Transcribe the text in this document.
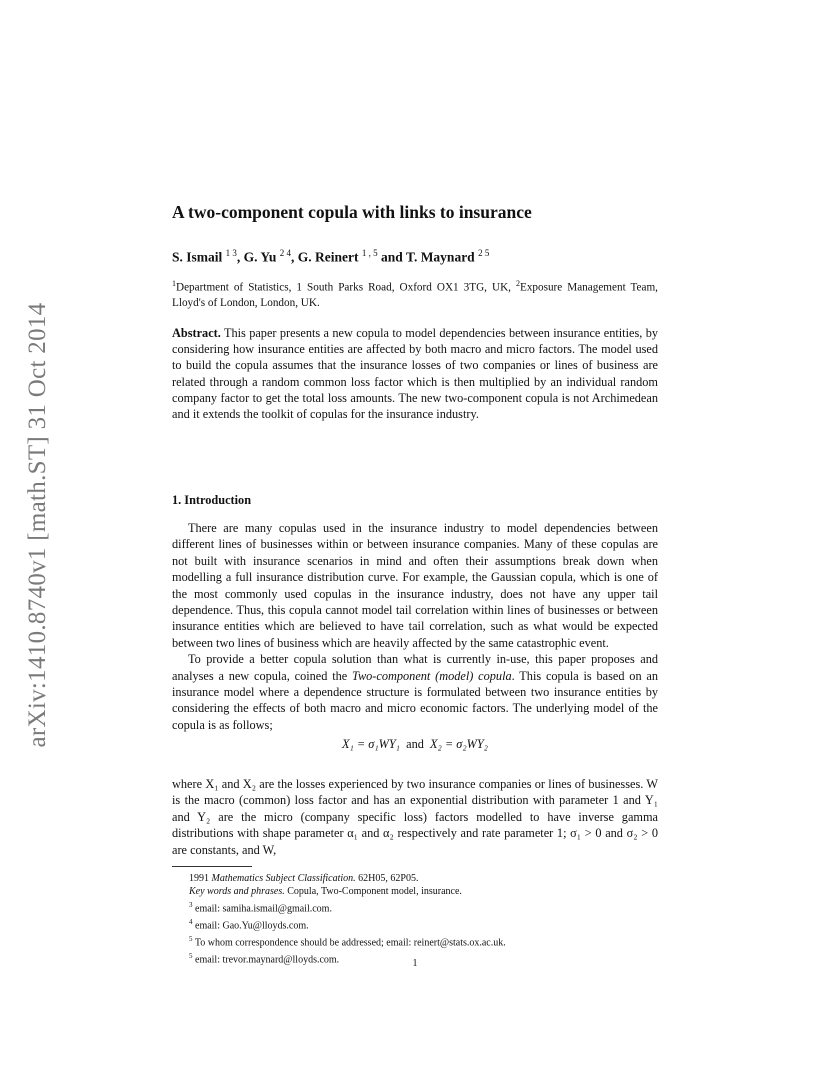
arXiv:1410.8740v1 [math.ST] 31 Oct 2014
A two-component copula with links to insurance
S. Ismail $^{1 3}$, G. Yu $^{2 4}$, G. Reinert $^{1 , 5}$ and T. Maynard $^{2 5}$
$^1$Department of Statistics, 1 South Parks Road, Oxford OX1 3TG, UK, $^2$Exposure Management Team, Lloyd's of London, London, UK.
Abstract. This paper presents a new copula to model dependencies between insurance entities, by considering how insurance entities are affected by both macro and micro factors. The model used to build the copula assumes that the insurance losses of two companies or lines of business are related through a random common loss factor which is then multiplied by an individual random company factor to get the total loss amounts. The new two-component copula is not Archimedean and it extends the toolkit of copulas for the insurance industry.
1. Introduction

There are many copulas used in the insurance industry to model dependencies between different lines of businesses within or between insurance companies. Many of these copulas are not built with insurance scenarios in mind and often their assumptions break down when modelling a full insurance distribution curve. For example, the Gaussian copula, which is one of the most commonly used copulas in the insurance industry, does not have any upper tail dependence. Thus, this copula cannot model tail correlation within lines of businesses or between insurance entities which are believed to have tail correlation, such as what would be expected between two lines of business which are heavily affected by the same catastrophic event.

To provide a better copula solution than what is currently in-use, this paper proposes and analyses a new copula, coined the Two-component (model) copula. This copula is based on an insurance model where a dependence structure is formulated between two insurance entities by considering the effects of both macro and micro economic factors. The underlying model of the copula is as follows;

X₁ = σ₁WY₁ and X₂ = σ₂WY₂
where X₁ and X₂ are the losses experienced by two insurance companies or lines of businesses. W is the macro (common) loss factor and has an exponential distribution with parameter 1 and Y₁ and Y₂ are the micro (company specific loss) factors modelled to have inverse gamma distributions with shape parameter α₁ and α₂ respectively and rate parameter 1; σ₁ > 0 and σ₂ > 0 are constants, and W,
1991 Mathematics Subject Classification. 62H05, 62P05.
Key words and phrases. Copula, Two-Component model, insurance.
$^3$ email: samiha.ismail@gmail.com.
$^4$ email: Gao.Yu@lloyds.com.
$^5$ To whom correspondence should be addressed; email: reinert@stats.ox.ac.uk.
$^5$ email: trevor.maynard@lloyds.com.	1
